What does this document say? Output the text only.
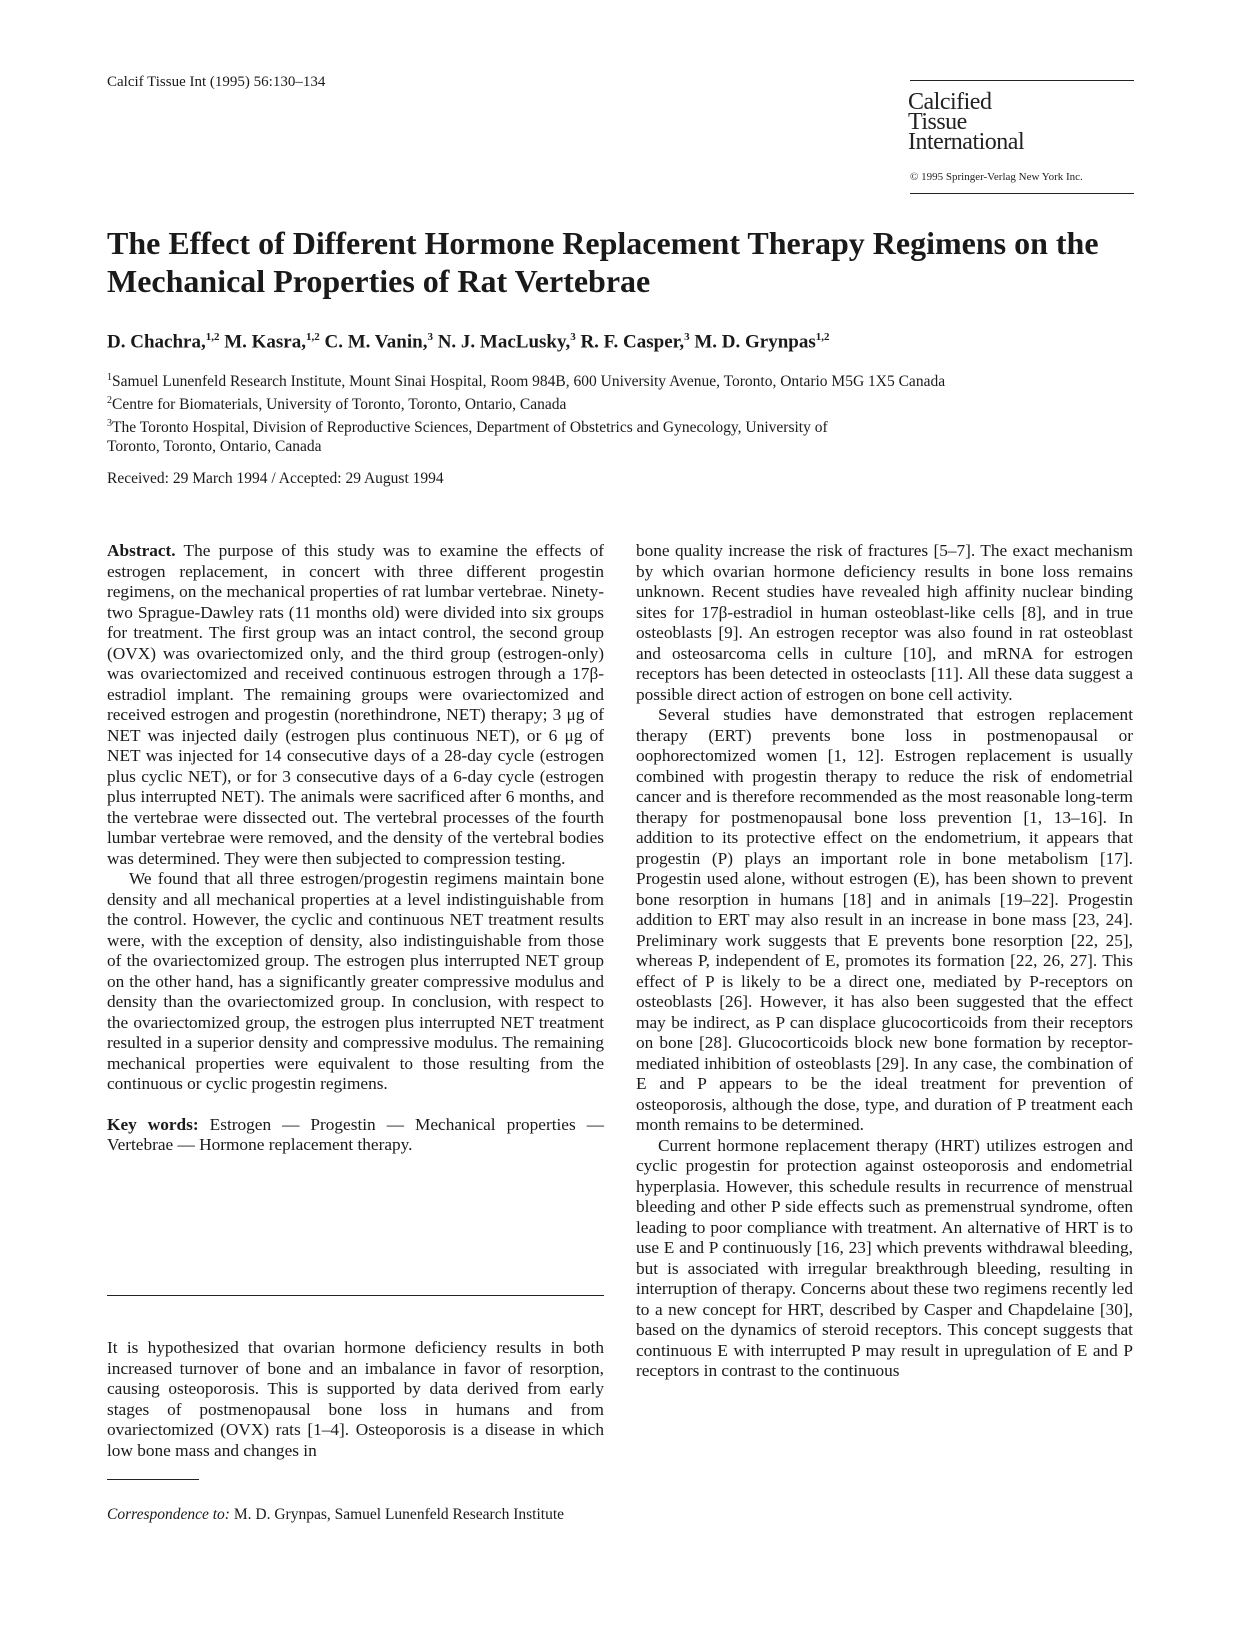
Calcif Tissue Int (1995) 56:130–134
Calcified
Tissue
International
© 1995 Springer-Verlag New York Inc.
The Effect of Different Hormone Replacement Therapy Regimens on the Mechanical Properties of Rat Vertebrae
D. Chachra,$^{1,2}$ M. Kasra,$^{1,2}$ C. M. Vanin,$^3$ N. J. MacLusky,$^3$ R. F. Casper,$^3$ M. D. Grynpas$^{1,2}$
$^1$Samuel Lunenfeld Research Institute, Mount Sinai Hospital, Room 984B, 600 University Avenue, Toronto, Ontario M5G 1X5 Canada
$^2$Centre for Biomaterials, University of Toronto, Toronto, Ontario, Canada
$^3$The Toronto Hospital, Division of Reproductive Sciences, Department of Obstetrics and Gynecology, University of
Toronto, Toronto, Ontario, Canada
Received: 29 March 1994 / Accepted: 29 August 1994

Abstract. The purpose of this study was to examine the effects of estrogen replacement, in concert with three different progestin regimens, on the mechanical properties of rat lumbar vertebrae. Ninety-two Sprague-Dawley rats (11 months old) were divided into six groups for treatment. The first group was an intact control, the second group (OVX) was ovariectomized only, and the third group (estrogen-only) was ovariectomized and received continuous estrogen through a 17β-estradiol implant. The remaining groups were ovariectomized and received estrogen and progestin (norethindrone, NET) therapy; 3 μg of NET was injected daily (estrogen plus continuous NET), or 6 μg of NET was injected for 14 consecutive days of a 28-day cycle (estrogen plus cyclic NET), or for 3 consecutive days of a 6-day cycle (estrogen plus interrupted NET). The animals were sacrificed after 6 months, and the vertebrae were dissected out. The vertebral processes of the fourth lumbar vertebrae were removed, and the density of the vertebral bodies was determined. They were then subjected to compression testing.

We found that all three estrogen/progestin regimens maintain bone density and all mechanical properties at a level indistinguishable from the control. However, the cyclic and continuous NET treatment results were, with the exception of density, also indistinguishable from those of the ovariectomized group. The estrogen plus interrupted NET group on the other hand, has a significantly greater compressive modulus and density than the ovariectomized group. In conclusion, with respect to the ovariectomized group, the estrogen plus interrupted NET treatment resulted in a superior density and compressive modulus. The remaining mechanical properties were equivalent to those resulting from the continuous or cyclic progestin regimens.

Key words: Estrogen — Progestin — Mechanical properties — Vertebrae — Hormone replacement therapy.

It is hypothesized that ovarian hormone deficiency results in both increased turnover of bone and an imbalance in favor of resorption, causing osteoporosis. This is supported by data derived from early stages of postmenopausal bone loss in humans and from ovariectomized (OVX) rats [1–4]. Osteoporosis is a disease in which low bone mass and changes in
Correspondence to: M. D. Grynpas, Samuel Lunenfeld Research Institute

bone quality increase the risk of fractures [5–7]. The exact mechanism by which ovarian hormone deficiency results in bone loss remains unknown. Recent studies have revealed high affinity nuclear binding sites for 17β-estradiol in human osteoblast-like cells [8], and in true osteoblasts [9]. An estrogen receptor was also found in rat osteoblast and osteosarcoma cells in culture [10], and mRNA for estrogen receptors has been detected in osteoclasts [11]. All these data suggest a possible direct action of estrogen on bone cell activity.

Several studies have demonstrated that estrogen replacement therapy (ERT) prevents bone loss in postmenopausal or oophorectomized women [1, 12]. Estrogen replacement is usually combined with progestin therapy to reduce the risk of endometrial cancer and is therefore recommended as the most reasonable long-term therapy for postmenopausal bone loss prevention [1, 13–16]. In addition to its protective effect on the endometrium, it appears that progestin (P) plays an important role in bone metabolism [17]. Progestin used alone, without estrogen (E), has been shown to prevent bone resorption in humans [18] and in animals [19–22]. Progestin addition to ERT may also result in an increase in bone mass [23, 24]. Preliminary work suggests that E prevents bone resorption [22, 25], whereas P, independent of E, promotes its formation [22, 26, 27]. This effect of P is likely to be a direct one, mediated by P-receptors on osteoblasts [26]. However, it has also been suggested that the effect may be indirect, as P can displace glucocorticoids from their receptors on bone [28]. Glucocorticoids block new bone formation by receptor-mediated inhibition of osteoblasts [29]. In any case, the combination of E and P appears to be the ideal treatment for prevention of osteoporosis, although the dose, type, and duration of P treatment each month remains to be determined.

Current hormone replacement therapy (HRT) utilizes estrogen and cyclic progestin for protection against osteoporosis and endometrial hyperplasia. However, this schedule results in recurrence of menstrual bleeding and other P side effects such as premenstrual syndrome, often leading to poor compliance with treatment. An alternative of HRT is to use E and P continuously [16, 23] which prevents withdrawal bleeding, but is associated with irregular breakthrough bleeding, resulting in interruption of therapy. Concerns about these two regimens recently led to a new concept for HRT, described by Casper and Chapdelaine [30], based on the dynamics of steroid receptors. This concept suggests that continuous E with interrupted P may result in upregulation of E and P receptors in contrast to the continuous
